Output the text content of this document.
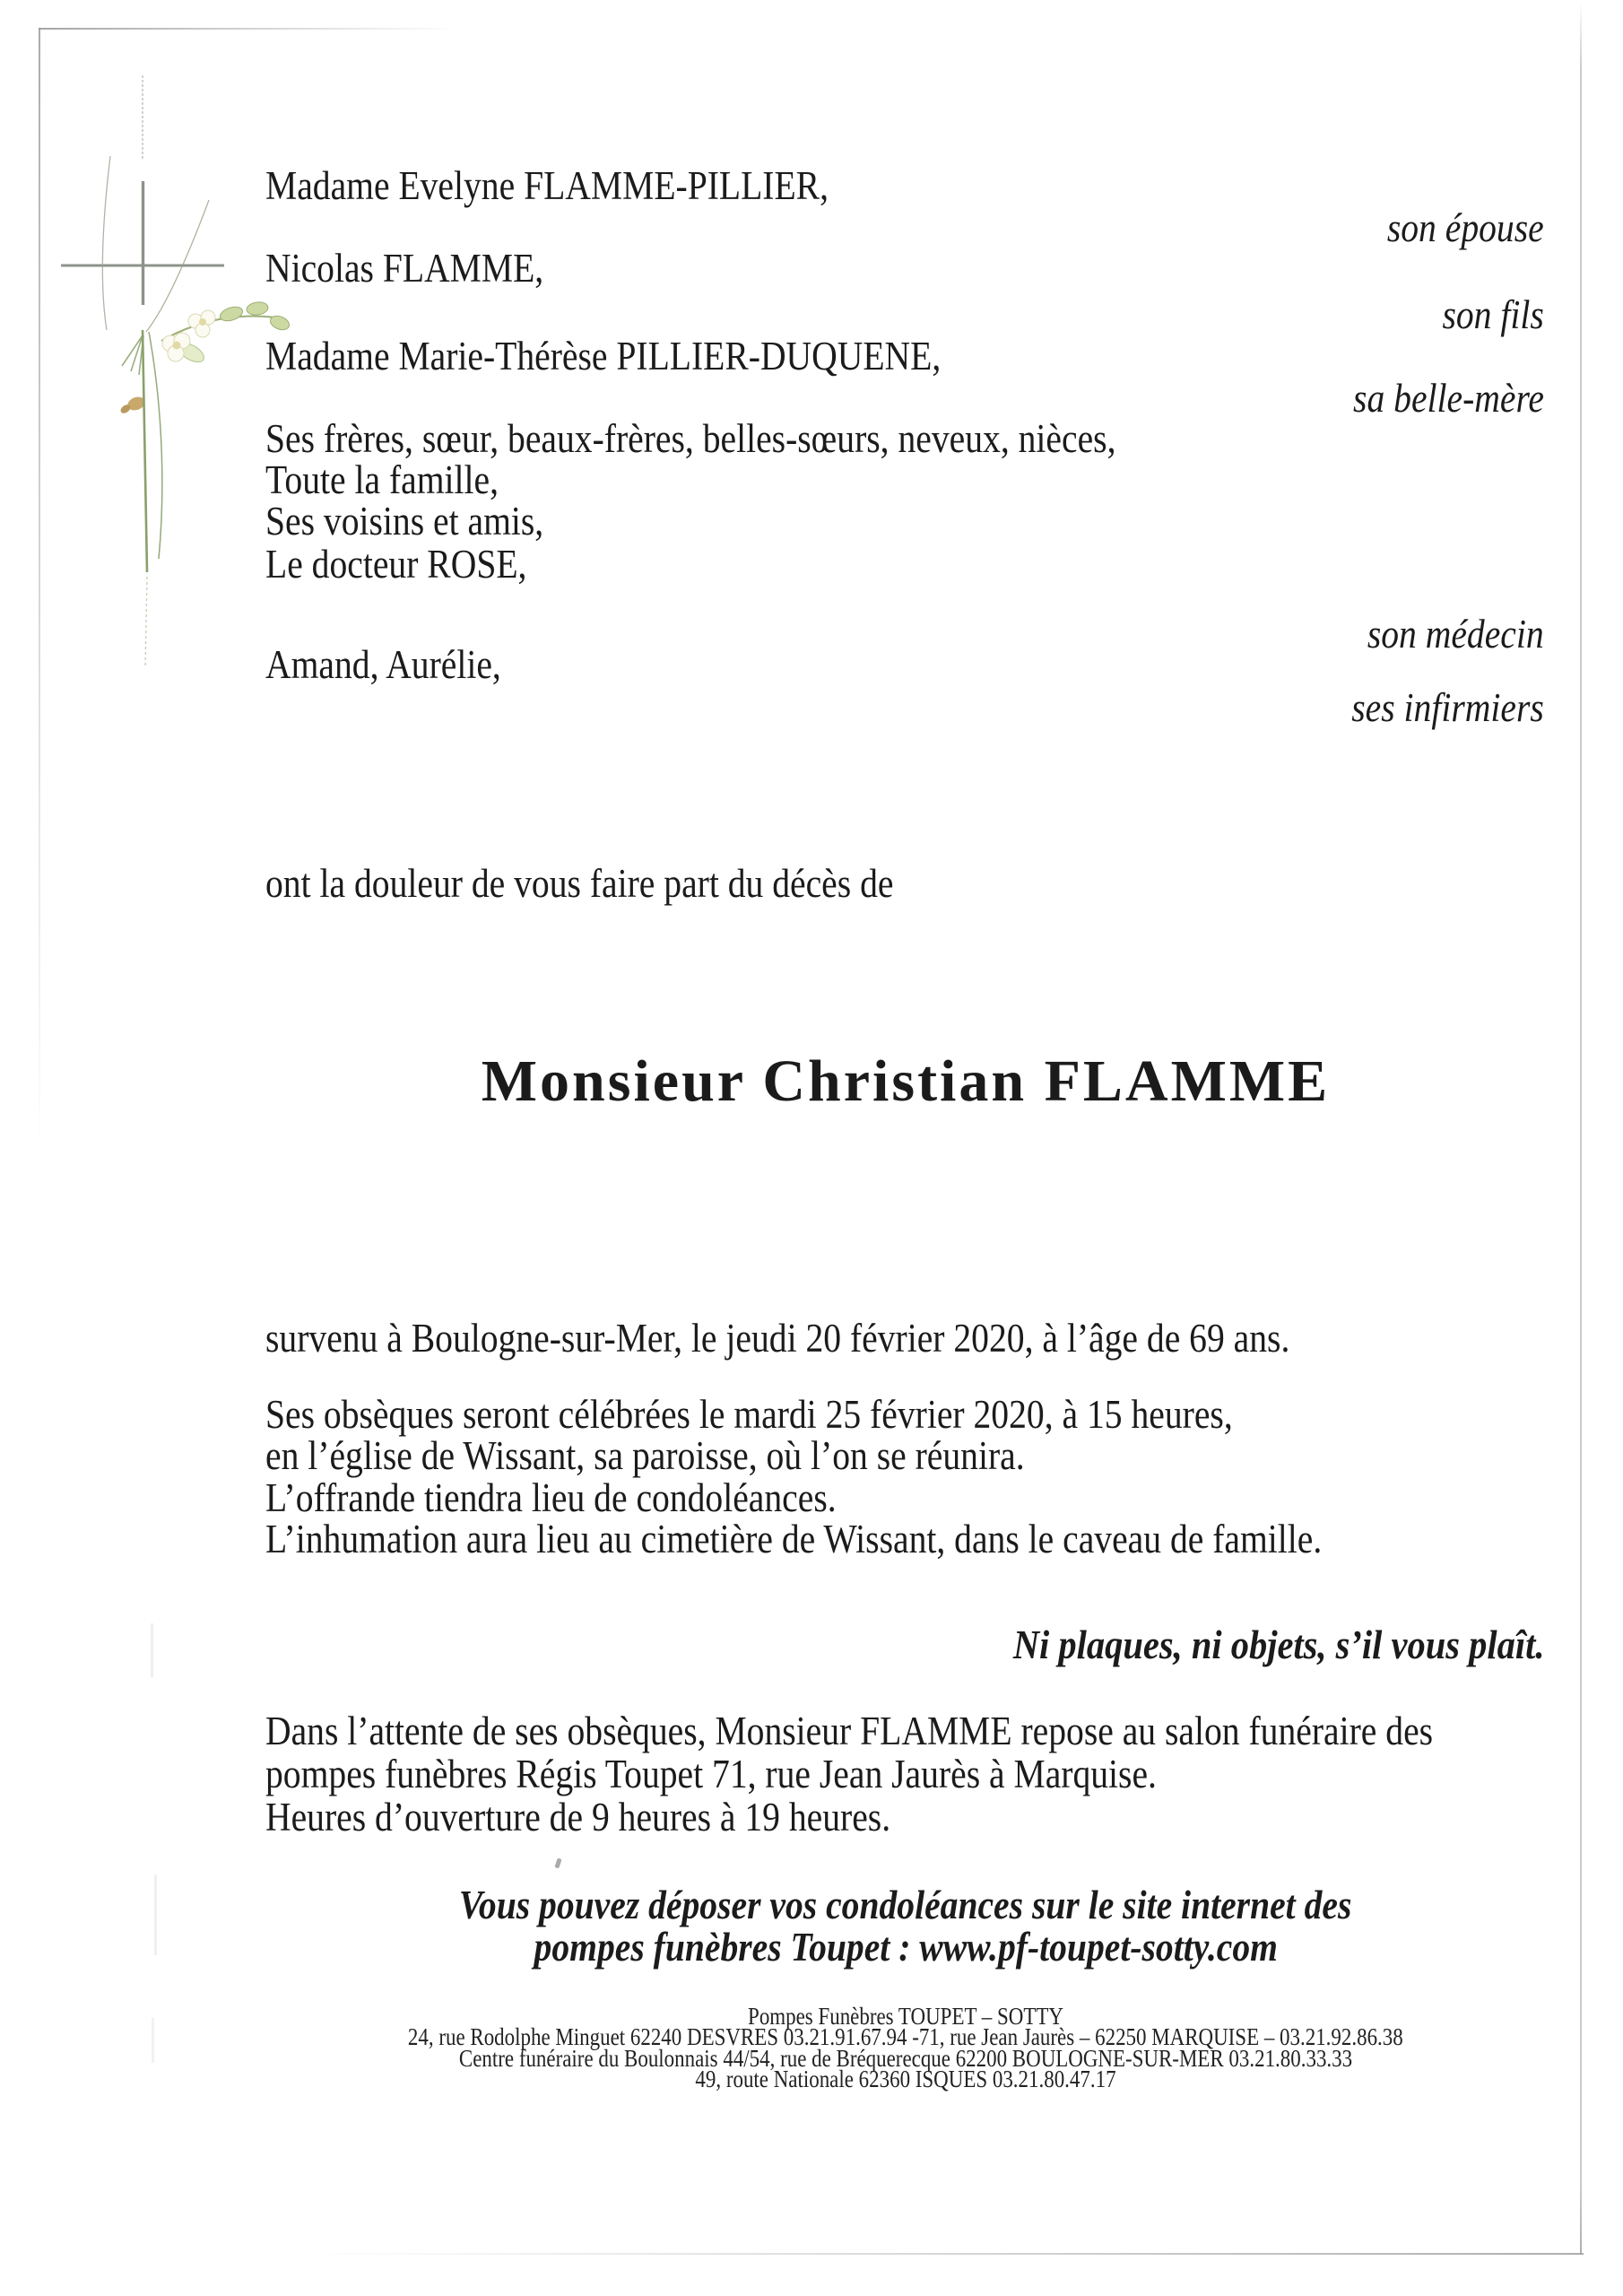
Madame Evelyne FLAMME-PILLIER,
Nicolas FLAMME,
Madame Marie-Thérèse PILLIER-DUQUENE,
Ses frères, sœur, beaux-frères, belles-sœurs, neveux, nièces,
Toute la famille,
Ses voisins et amis,
Le docteur ROSE,
Amand, Aurélie,
son épouse
son fils
sa belle-mère
son médecin
ses infirmiers
ont la douleur de vous faire part du décès de
Monsieur Christian FLAMME
survenu à Boulogne-sur-Mer, le jeudi 20 février 2020, à l’âge de 69 ans.
Ses obsèques seront célébrées le mardi 25 février 2020, à 15 heures,
en l’église de Wissant, sa paroisse, où l’on se réunira.
L’offrande tiendra lieu de condoléances.
L’inhumation aura lieu au cimetière de Wissant, dans le caveau de famille.
Ni plaques, ni objets, s’il vous plaît.
Dans l’attente de ses obsèques, Monsieur FLAMME repose au salon funéraire des
pompes funèbres Régis Toupet 71, rue Jean Jaurès à Marquise.
Heures d’ouverture de 9 heures à 19 heures.
Vous pouvez déposer vos condoléances sur le site internet des
pompes funèbres Toupet : www.pf-toupet-sotty.com
Pompes Funèbres TOUPET – SOTTY
24, rue Rodolphe Minguet 62240 DESVRES 03.21.91.67.94 -71, rue Jean Jaurès – 62250 MARQUISE – 03.21.92.86.38
Centre funéraire du Boulonnais 44/54, rue de Bréquerecque 62200 BOULOGNE-SUR-MER 03.21.80.33.33
49, route Nationale 62360 ISQUES 03.21.80.47.17
